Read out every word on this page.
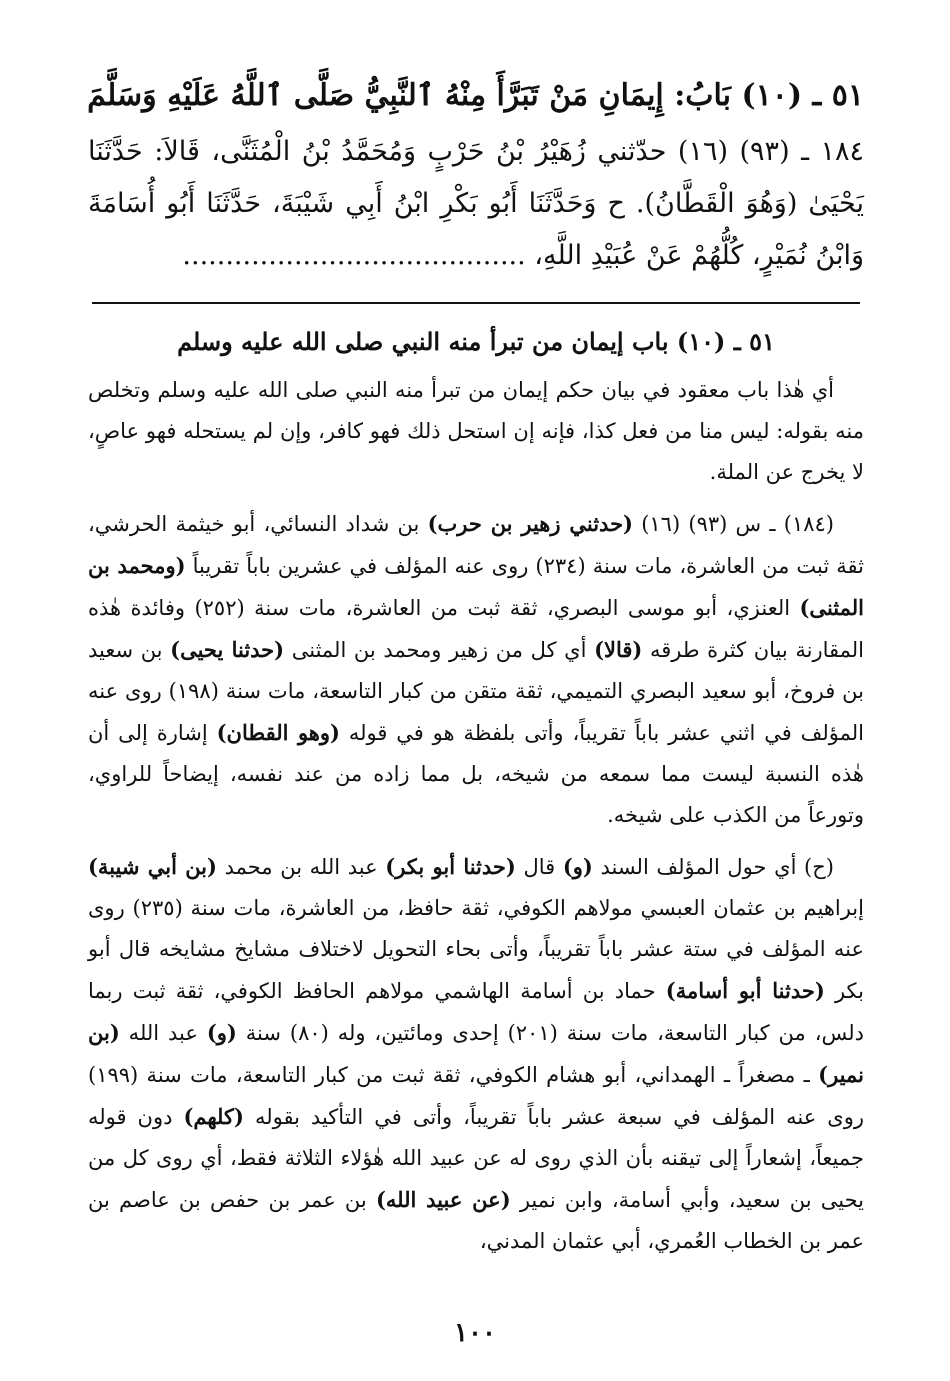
٥١ ـ (١٠) بَابُ: إِيمَانِ مَنْ تَبَرَّأَ مِنْهُ ٱلنَّبِيُّ صَلَّى ٱللَّهُ عَلَيْهِ وَسَلَّمَ

١٨٤ ـ (٩٣) (١٦) حدّثني زُهَيْرُ بْنُ حَرْبٍ وَمُحَمَّدُ بْنُ الْمُثَنَّى، قَالاَ: حَدَّثَنَا يَحْيَىٰ (وَهُوَ الْقَطَّانُ). ح وَحَدَّثَنَا أَبُو بَكْرِ ابْنُ أَبِي شَيْبَةَ، حَدَّثَنَا أَبُو أُسَامَةَ وَابْنُ نُمَيْرٍ، كُلُّهُمْ عَنْ عُبَيْدِ اللَّهِ، ........................................

٥١ ـ (١٠) باب إيمان من تبرأ منه النبي صلى الله عليه وسلم

أي هٰذا باب معقود في بيان حكم إيمان من تبرأ منه النبي صلى الله عليه وسلم وتخلص منه بقوله: ليس منا من فعل كذا، فإنه إن استحل ذلك فهو كافر، وإن لم يستحله فهو عاصٍ، لا يخرج عن الملة.

(١٨٤) ـ س (٩٣) (١٦) (حدثني زهير بن حرب) بن شداد النسائي، أبو خيثمة الحرشي، ثقة ثبت من العاشرة، مات سنة (٢٣٤) روى عنه المؤلف في عشرين باباً تقريباً (ومحمد بن المثنى) العنزي، أبو موسى البصري، ثقة ثبت من العاشرة، مات سنة (٢٥٢) وفائدة هٰذه المقارنة بيان كثرة طرقه (قالا) أي كل من زهير ومحمد بن المثنى (حدثنا يحيى) بن سعيد بن فروخ، أبو سعيد البصري التميمي، ثقة متقن من كبار التاسعة، مات سنة (١٩٨) روى عنه المؤلف في اثني عشر باباً تقريباً، وأتى بلفظة هو في قوله (وهو القطان) إشارة إلى أن هٰذه النسبة ليست مما سمعه من شيخه، بل مما زاده من عند نفسه، إيضاحاً للراوي، وتورعاً من الكذب على شيخه.

(ح) أي حول المؤلف السند (و) قال (حدثنا أبو بكر) عبد الله بن محمد (بن أبي شيبة) إبراهيم بن عثمان العبسي مولاهم الكوفي، ثقة حافظ، من العاشرة، مات سنة (٢٣٥) روى عنه المؤلف في ستة عشر باباً تقريباً، وأتى بحاء التحويل لاختلاف مشايخ مشايخه قال أبو بكر (حدثنا أبو أسامة) حماد بن أسامة الهاشمي مولاهم الحافظ الكوفي، ثقة ثبت ربما دلس، من كبار التاسعة، مات سنة (٢٠١) إحدى ومائتين، وله (٨٠) سنة (و) عبد الله (بن نمير) ـ مصغراً ـ الهمداني، أبو هشام الكوفي، ثقة ثبت من كبار التاسعة، مات سنة (١٩٩) روى عنه المؤلف في سبعة عشر باباً تقريباً، وأتى في التأكيد بقوله (كلهم) دون قوله جميعاً، إشعاراً إلى تيقنه بأن الذي روى له عن عبيد الله هٰؤلاء الثلاثة فقط، أي روى كل من يحيى بن سعيد، وأبي أسامة، وابن نمير (عن عبيد الله) بن عمر بن حفص بن عاصم بن عمر بن الخطاب العُمري، أبي عثمان المدني،

١٠٠
